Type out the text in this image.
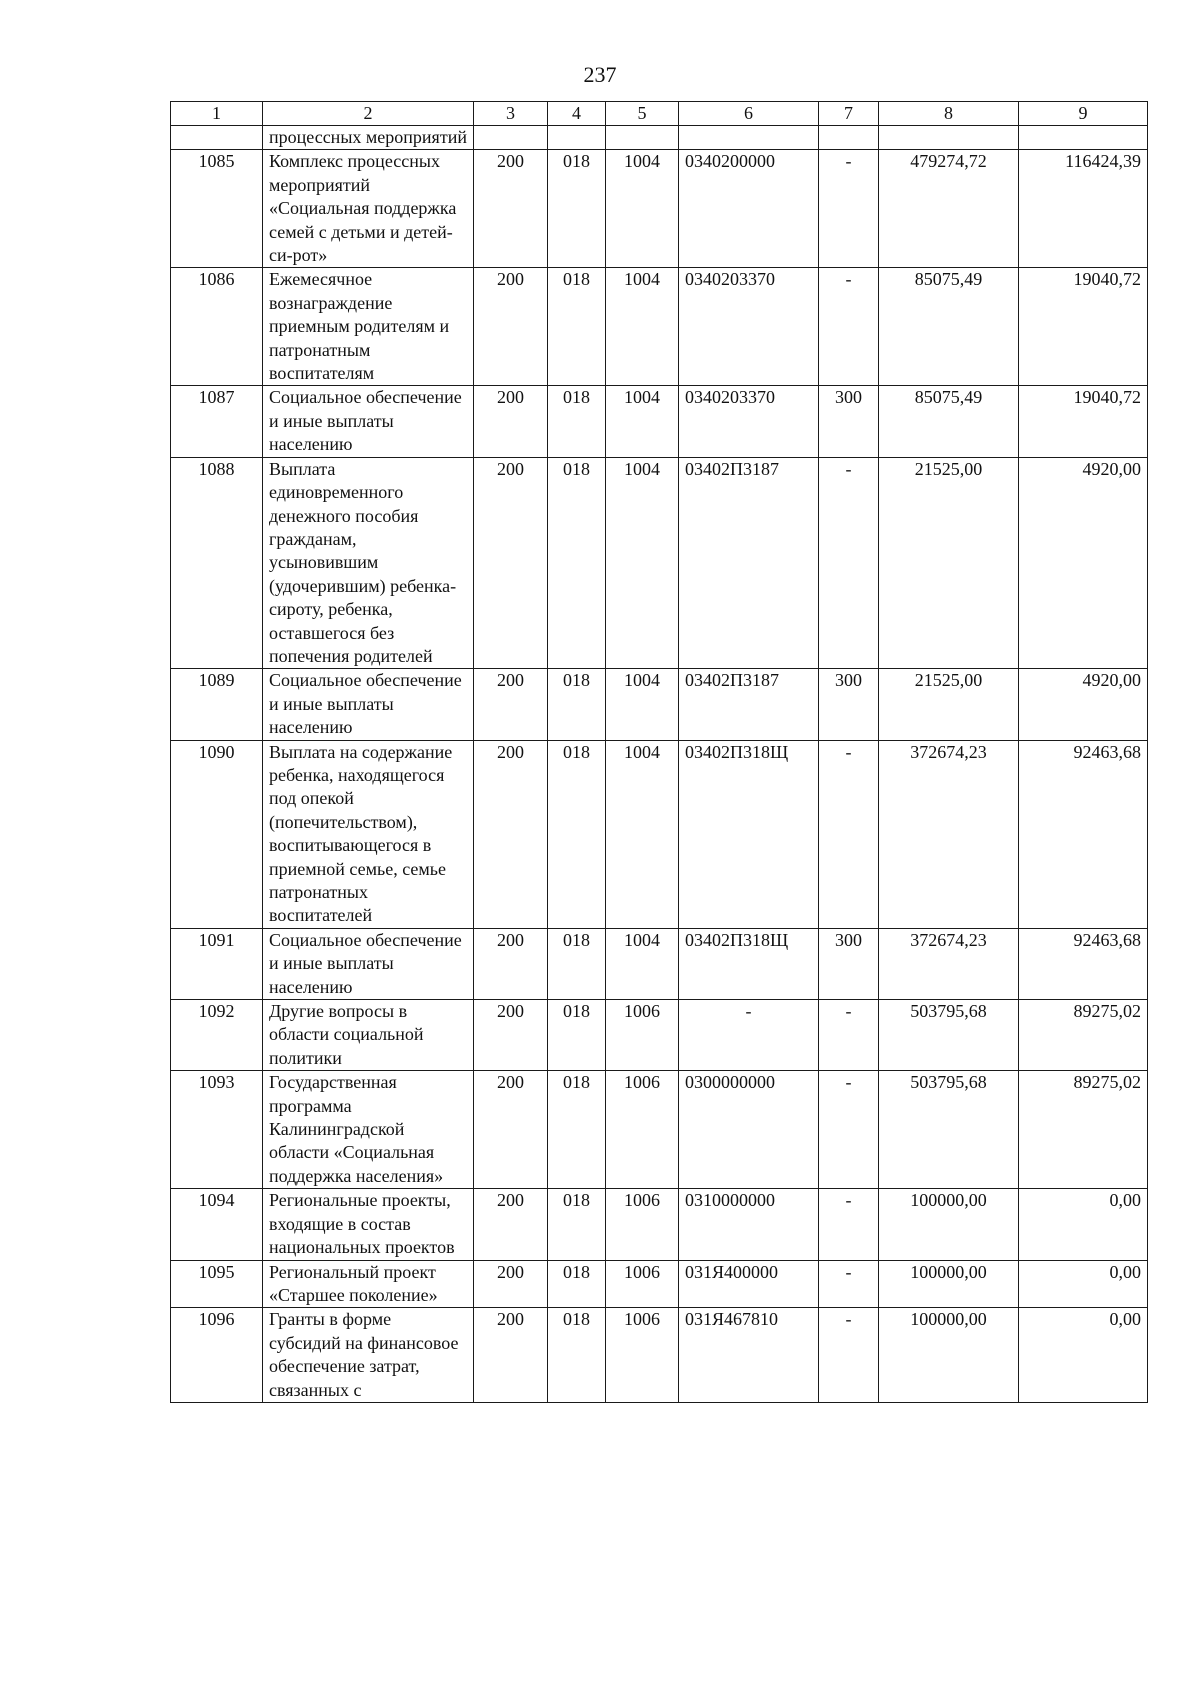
237
1	2	3	4	5	6	7	8	9
	процессных мероприятий							
1085	Комплекс процессных мероприятий «Социальная поддержка семей с детьми и детей-си-рот»	200	018	1004	0340200000	-	479274,72	116424,39
1086	Ежемесячное вознаграждение приемным родителям и патронатным воспитателям	200	018	1004	0340203370	-	85075,49	19040,72
1087	Социальное обеспечение и иные выплаты населению	200	018	1004	0340203370	300	85075,49	19040,72
1088	Выплата единовременного денежного пособия гражданам, усыновившим (удочерившим) ребенка-сироту, ребенка, оставшегося без попечения родителей	200	018	1004	03402П3187	-	21525,00	4920,00
1089	Социальное обеспечение и иные выплаты населению	200	018	1004	03402П3187	300	21525,00	4920,00
1090	Выплата на содержание ребенка, находящегося под опекой (попечительством), воспитывающегося в приемной семье, семье патронатных воспитателей	200	018	1004	03402П318Щ	-	372674,23	92463,68
1091	Социальное обеспечение и иные выплаты населению	200	018	1004	03402П318Щ	300	372674,23	92463,68
1092	Другие вопросы в области социальной политики	200	018	1006	-	-	503795,68	89275,02
1093	Государственная программа Калининградской области «Социальная поддержка населения»	200	018	1006	0300000000	-	503795,68	89275,02
1094	Региональные проекты, входящие в состав национальных проектов	200	018	1006	0310000000	-	100000,00	0,00
1095	Региональный проект «Старшее поколение»	200	018	1006	031Я400000	-	100000,00	0,00
1096	Гранты в форме субсидий на финансовое обеспечение затрат, связанных с	200	018	1006	031Я467810	-	100000,00	0,00
